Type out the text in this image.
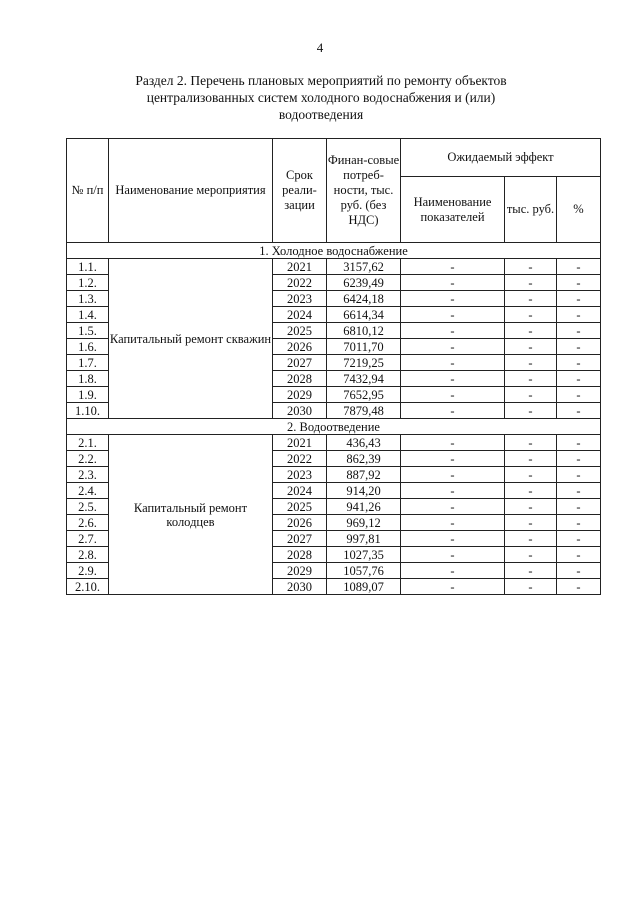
4
Раздел 2. Перечень плановых мероприятий по ремонту объектов
централизованных систем холодного водоснабжения и (или)
водоотведения
№ п/п	Наименование мероприятия	Срок реали-зации	Финан-совые потреб-ности, тыс. руб. (без НДС)	Ожидаемый эффект		
				Наименование показателей	тыс. руб.	%
1. Холодное водоснабжение						
1.1.	Капитальный ремонт скважин	2021	3157,62	-	-	-
1.2.		2022	6239,49	-	-	-
1.3.		2023	6424,18	-	-	-
1.4.		2024	6614,34	-	-	-
1.5.		2025	6810,12	-	-	-
1.6.		2026	7011,70	-	-	-
1.7.		2027	7219,25	-	-	-
1.8.		2028	7432,94	-	-	-
1.9.		2029	7652,95	-	-	-
1.10.		2030	7879,48	-	-	-
2. Водоотведение						
2.1.	Капитальный ремонт колодцев	2021	436,43	-	-	-
2.2.		2022	862,39	-	-	-
2.3.		2023	887,92	-	-	-
2.4.		2024	914,20	-	-	-
2.5.		2025	941,26	-	-	-
2.6.		2026	969,12	-	-	-
2.7.		2027	997,81	-	-	-
2.8.		2028	1027,35	-	-	-
2.9.		2029	1057,76	-	-	-
2.10.		2030	1089,07	-	-	-
